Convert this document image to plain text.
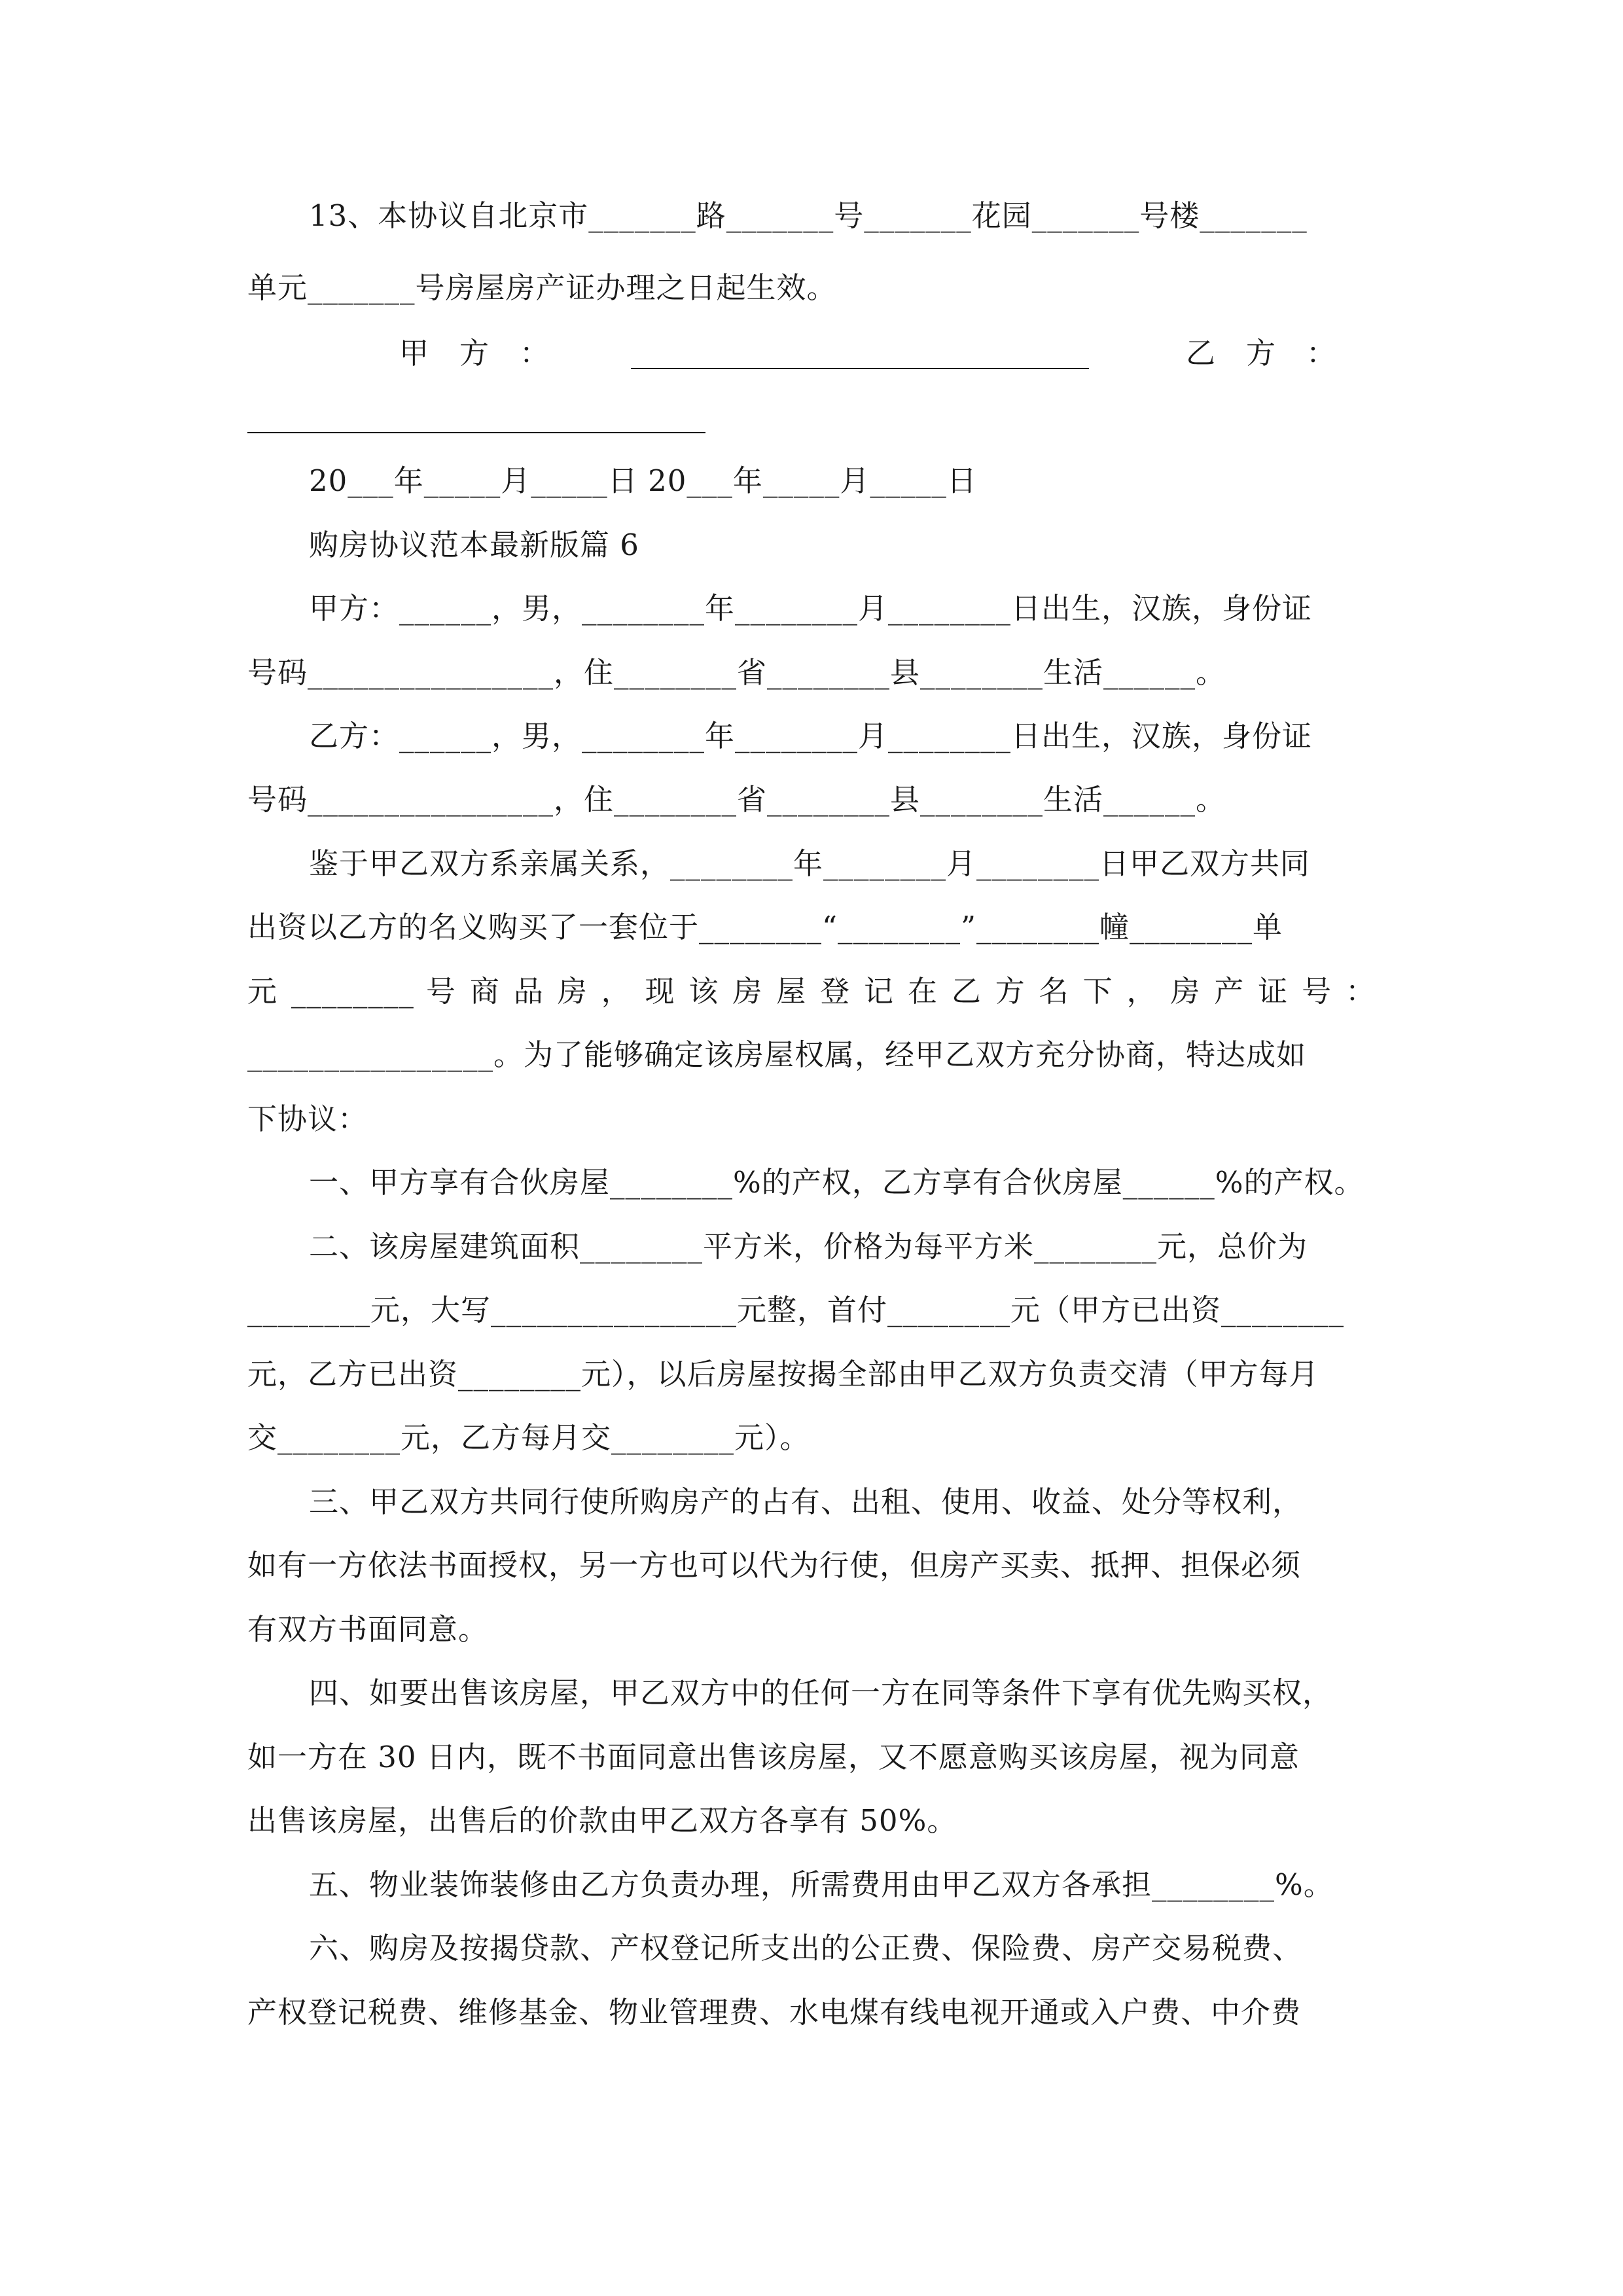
13、本协议自北京市_______路_______号_______花园_______号楼_______
单元_______号房屋房产证办理之日起生效。
甲　方　：	乙　方　：
20___年_____月_____日 20___年_____月_____日
购房协议范本最新版篇 6
甲方：______，男，________年________月________日出生，汉族，身份证
号码________________，住________省________县________生活______。
乙方：______，男，________年________月________日出生，汉族，身份证
号码________________，住________省________县________生活______。
鉴于甲乙双方系亲属关系，________年________月________日甲乙双方共同
出资以乙方的名义购买了一套位于________“________”________幢________单
元 ________ 号 商 品 房 ， 现 该 房 屋 登 记 在 乙 方 名 下 ， 房 产 证 号 ：
________________。为了能够确定该房屋权属，经甲乙双方充分协商，特达成如
下协议：
一、甲方享有合伙房屋________%的产权，乙方享有合伙房屋______%的产权。
二、该房屋建筑面积________平方米，价格为每平方米________元，总价为
________元，大写________________元整，首付________元（甲方已出资________
元，乙方已出资________元），以后房屋按揭全部由甲乙双方负责交清（甲方每月
交________元，乙方每月交________元）。
三、甲乙双方共同行使所购房产的占有、出租、使用、收益、处分等权利，
如有一方依法书面授权，另一方也可以代为行使，但房产买卖、抵押、担保必须
有双方书面同意。
四、如要出售该房屋，甲乙双方中的任何一方在同等条件下享有优先购买权，
如一方在 30 日内，既不书面同意出售该房屋，又不愿意购买该房屋，视为同意
出售该房屋，出售后的价款由甲乙双方各享有 50%。
五、物业装饰装修由乙方负责办理，所需费用由甲乙双方各承担________%。
六、购房及按揭贷款、产权登记所支出的公正费、保险费、房产交易税费、
产权登记税费、维修基金、物业管理费、水电煤有线电视开通或入户费、中介费
